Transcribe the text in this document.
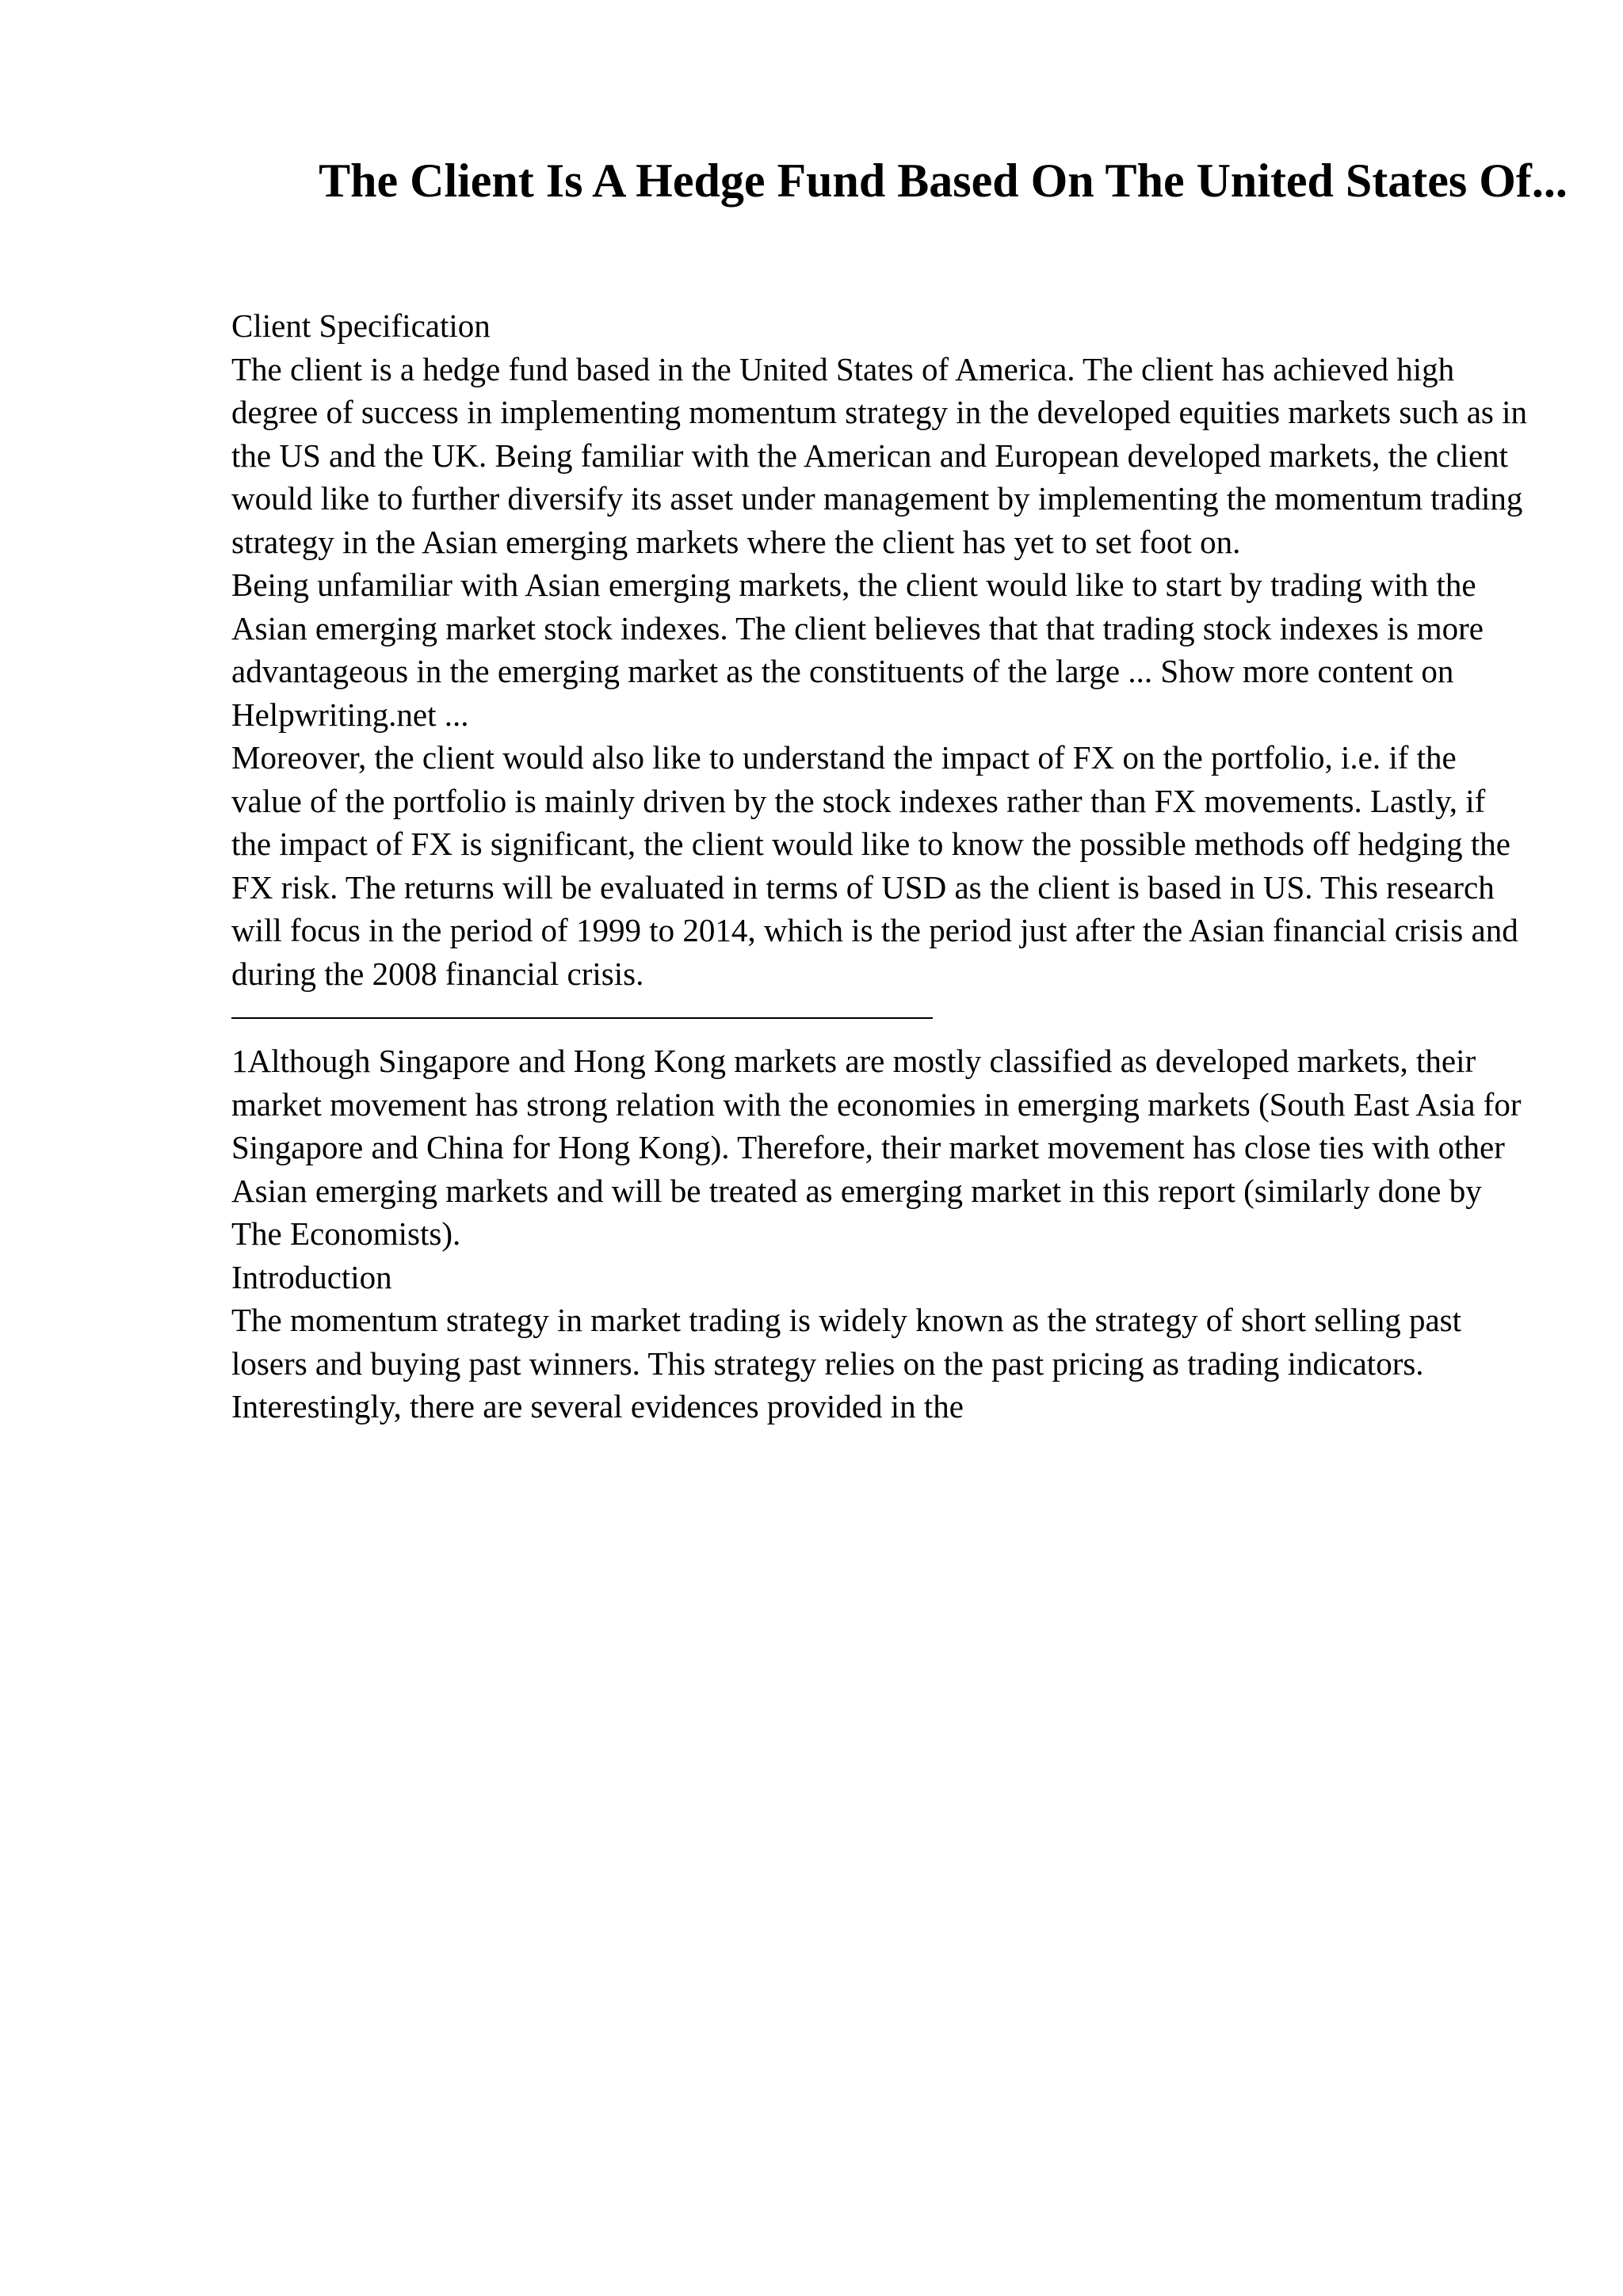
The Client Is A Hedge Fund Based On The United States Of...

Client Specification

The client is a hedge fund based in the United States of America. The client has achieved high degree of success in implementing momentum strategy in the developed equities markets such as in the US and the UK. Being familiar with the American and European developed markets, the client would like to further diversify its asset under management by implementing the momentum trading strategy in the Asian emerging markets where the client has yet to set foot on.

Being unfamiliar with Asian emerging markets, the client would like to start by trading with the Asian emerging market stock indexes. The client believes that that trading stock indexes is more advantageous in the emerging market as the constituents of the large ... Show more content on Helpwriting.net ...

Moreover, the client would also like to understand the impact of FX on the portfolio, i.e. if the value of the portfolio is mainly driven by the stock indexes rather than FX movements. Lastly, if the impact of FX is significant, the client would like to know the possible methods off hedging the FX risk. The returns will be evaluated in terms of USD as the client is based in US. This research will focus in the period of 1999 to 2014, which is the period just after the Asian financial crisis and during the 2008 financial crisis.

1Although Singapore and Hong Kong markets are mostly classified as developed markets, their market movement has strong relation with the economies in emerging markets (South East Asia for Singapore and China for Hong Kong). Therefore, their market movement has close ties with other Asian emerging markets and will be treated as emerging market in this report (similarly done by The Economists).

Introduction

The momentum strategy in market trading is widely known as the strategy of short selling past losers and buying past winners. This strategy relies on the past pricing as trading indicators. Interestingly, there are several evidences provided in the
